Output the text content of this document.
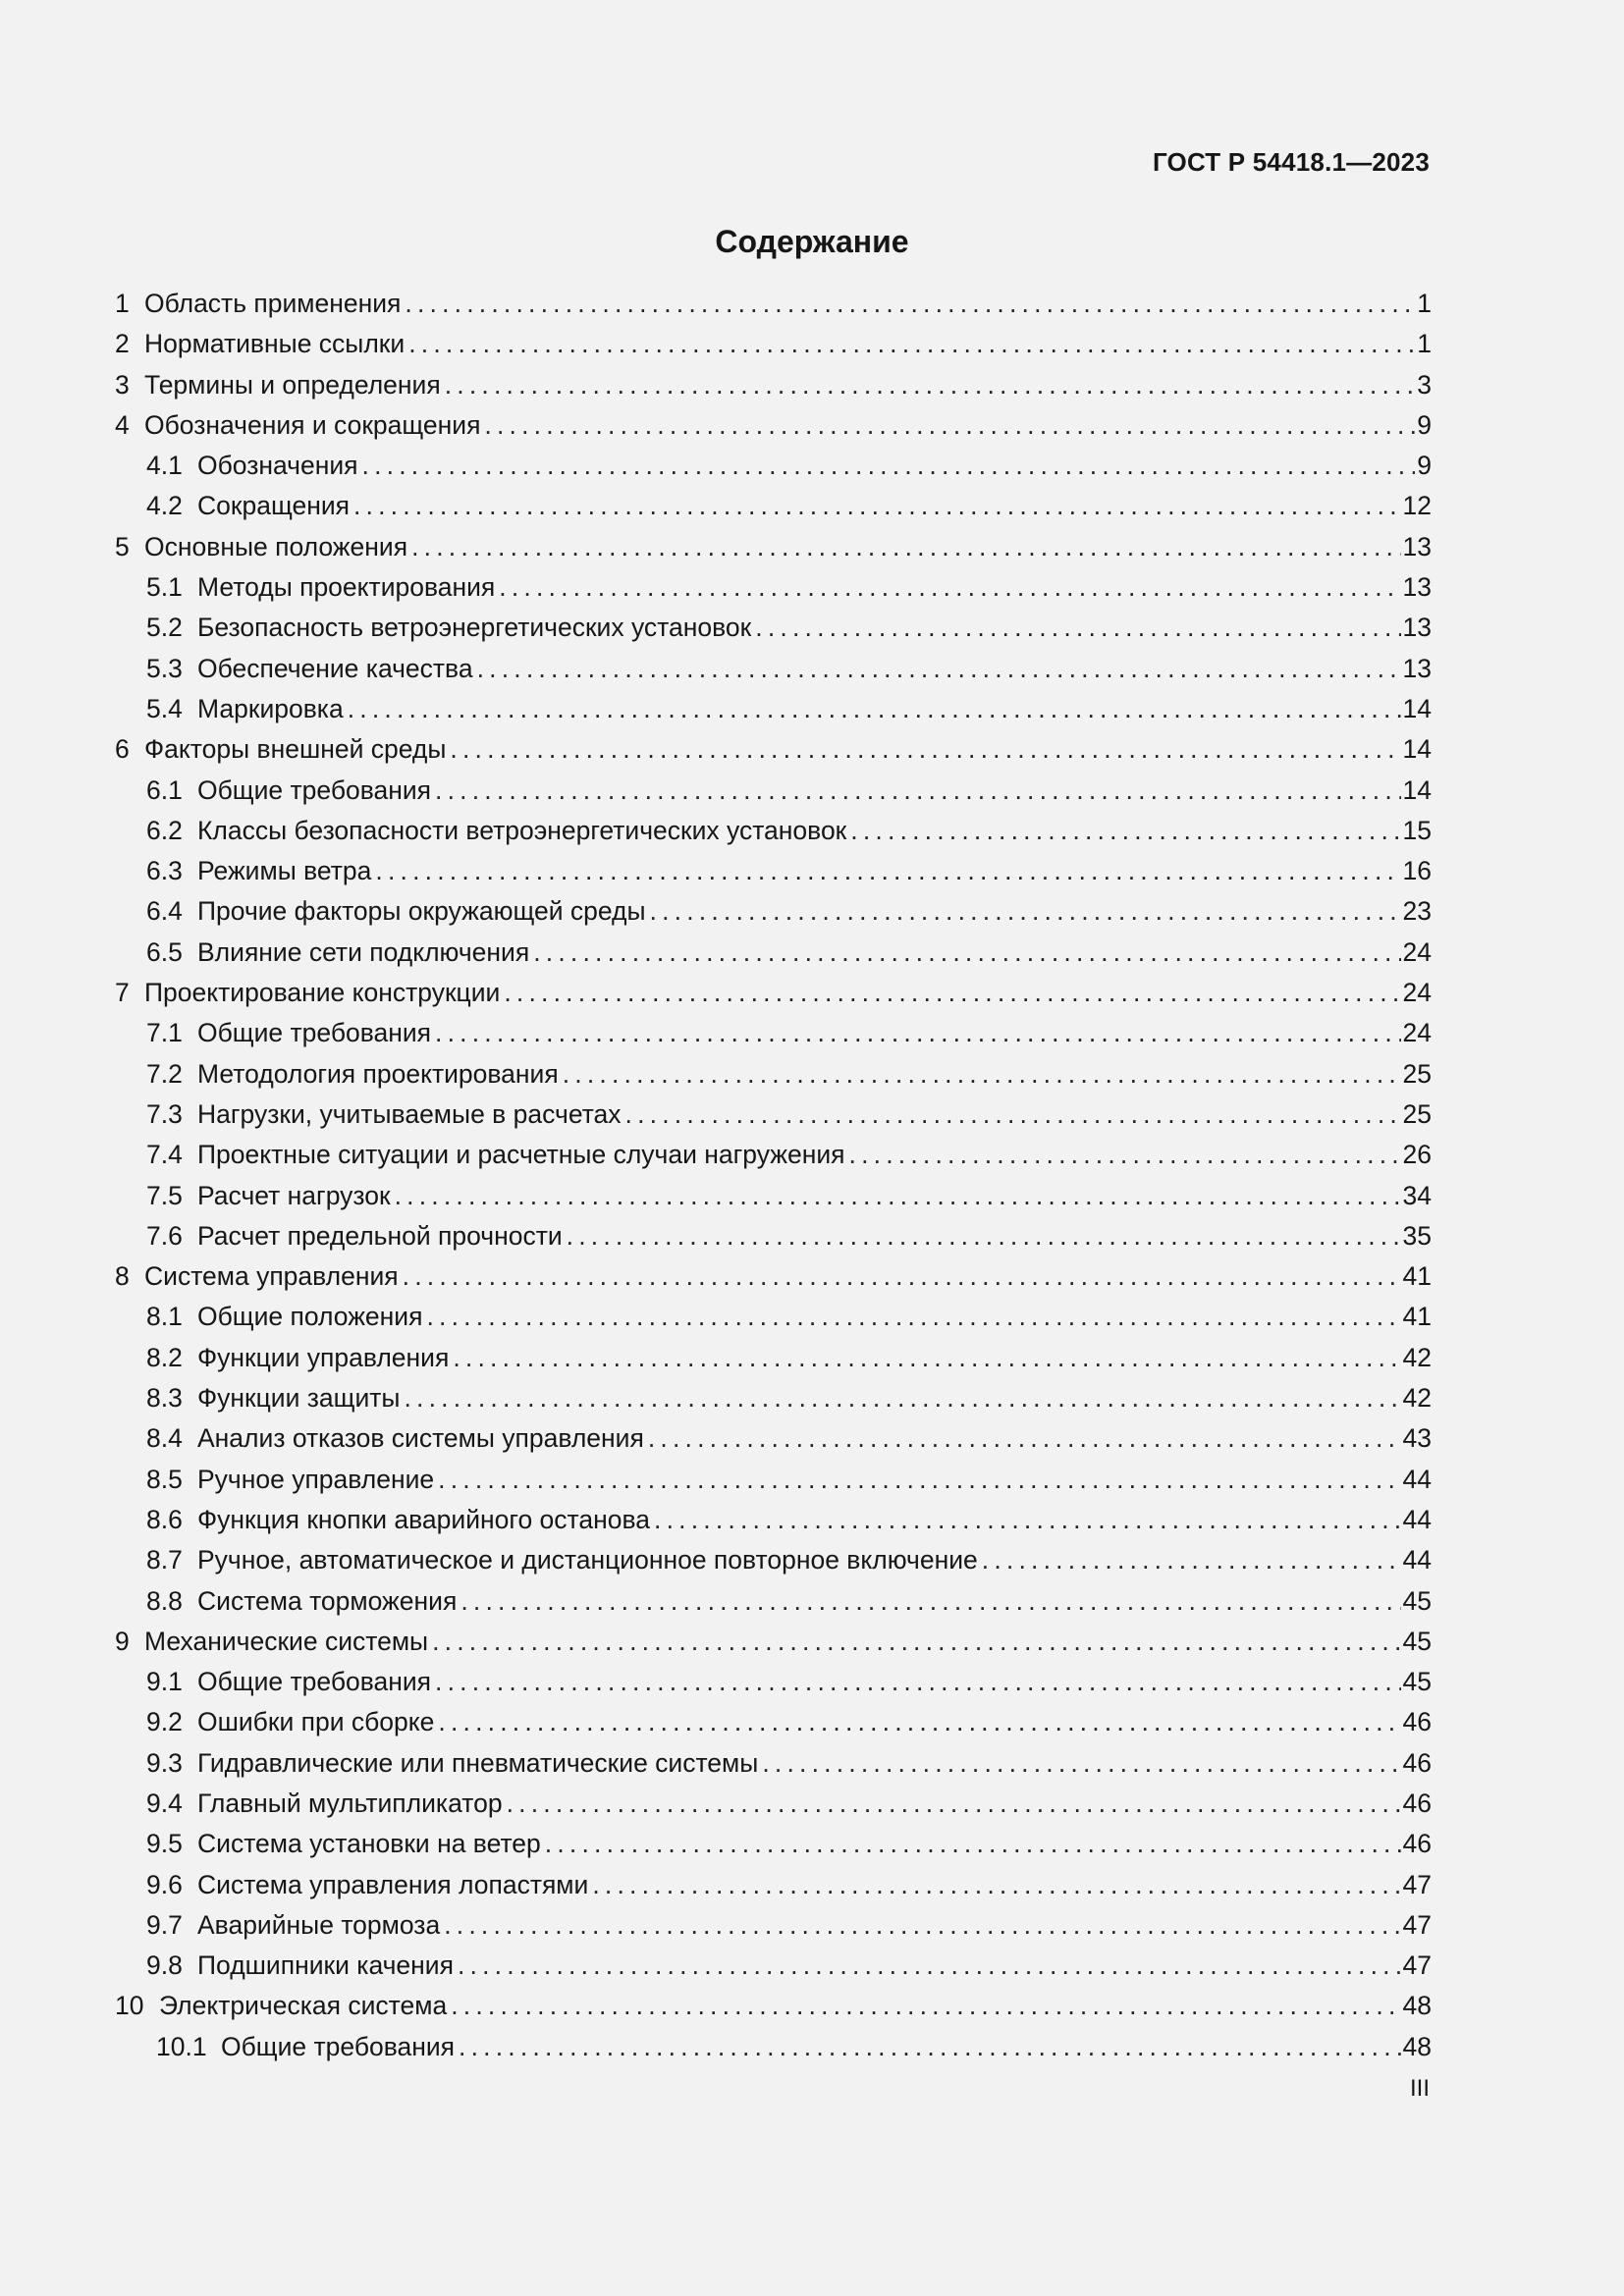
ГОСТ Р 54418.1—2023
Содержание
1 Область применения .....	1
2 Нормативные ссылки .....	1
3 Термины и определения .....	3
4 Обозначения и сокращения .....	9
4.1 Обозначения .....	9
4.2 Сокращения .....	12
5 Основные положения .....	13
5.1 Методы проектирования .....	13
5.2 Безопасность ветроэнергетических установок .....	13
5.3 Обеспечение качества .....	13
5.4 Маркировка .....	14
6 Факторы внешней среды .....	14
6.1 Общие требования .....	14
6.2 Классы безопасности ветроэнергетических установок .....	15
6.3 Режимы ветра .....	16
6.4 Прочие факторы окружающей среды .....	23
6.5 Влияние сети подключения .....	24
7 Проектирование конструкции .....	24
7.1 Общие требования .....	24
7.2 Методология проектирования .....	25
7.3 Нагрузки, учитываемые в расчетах .....	25
7.4 Проектные ситуации и расчетные случаи нагружения .....	26
7.5 Расчет нагрузок .....	34
7.6 Расчет предельной прочности .....	35
8 Система управления .....	41
8.1 Общие положения .....	41
8.2 Функции управления .....	42
8.3 Функции защиты .....	42
8.4 Анализ отказов системы управления .....	43
8.5 Ручное управление .....	44
8.6 Функция кнопки аварийного останова .....	44
8.7 Ручное, автоматическое и дистанционное повторное включение .....	44
8.8 Система торможения .....	45
9 Механические системы .....	45
9.1 Общие требования .....	45
9.2 Ошибки при сборке .....	46
9.3 Гидравлические или пневматические системы .....	46
9.4 Главный мультипликатор .....	46
9.5 Система установки на ветер .....	46
9.6 Система управления лопастями .....	47
9.7 Аварийные тормоза .....	47
9.8 Подшипники качения .....	47
10 Электрическая система .....	48
10.1 Общие требования .....	48
III
